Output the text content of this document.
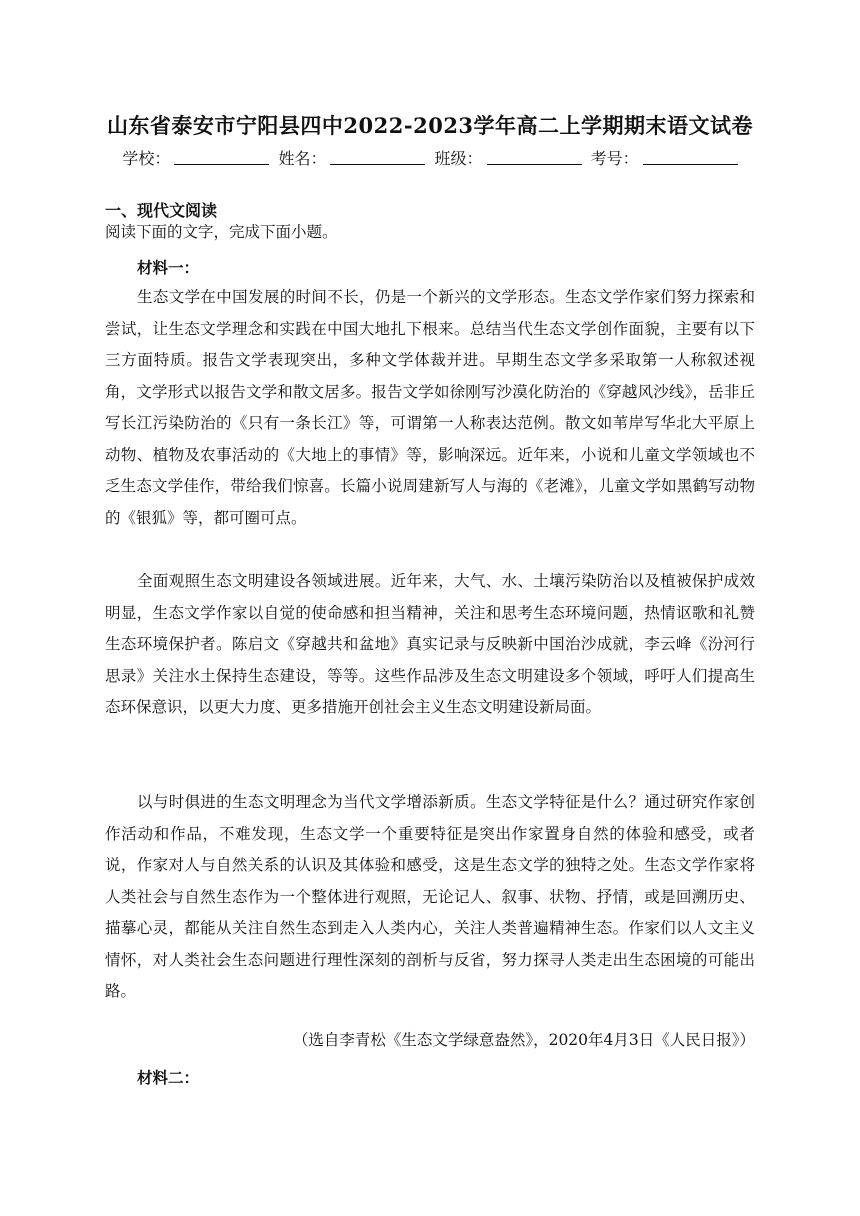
山东省泰安市宁阳县四中2022-2023学年高二上学期期末语文试卷
学校：	姓名：	班级：	考号：
一、现代文阅读
阅读下面的文字，完成下面小题。
材料一：

生态文学在中国发展的时间不长，仍是一个新兴的文学形态。生态文学作家们努力探索和尝试，让生态文学理念和实践在中国大地扎下根来。总结当代生态文学创作面貌，主要有以下三方面特质。报告文学表现突出，多种文学体裁并进。早期生态文学多采取第一人称叙述视角，文学形式以报告文学和散文居多。报告文学如徐刚写沙漠化防治的《穿越风沙线》，岳非丘写长江污染防治的《只有一条长江》等，可谓第一人称表达范例。散文如苇岸写华北大平原上动物、植物及农事活动的《大地上的事情》等，影响深远。近年来，小说和儿童文学领域也不乏生态文学佳作，带给我们惊喜。长篇小说周建新写人与海的《老滩》，儿童文学如黑鹤写动物的《银狐》等，都可圈可点。

全面观照生态文明建设各领域进展。近年来，大气、水、土壤污染防治以及植被保护成效明显，生态文学作家以自觉的使命感和担当精神，关注和思考生态环境问题，热情讴歌和礼赞生态环境保护者。陈启文《穿越共和盆地》真实记录与反映新中国治沙成就，李云峰《汾河行思录》关注水土保持生态建设，等等。这些作品涉及生态文明建设多个领域，呼吁人们提高生态环保意识，以更大力度、更多措施开创社会主义生态文明建设新局面。

以与时俱进的生态文明理念为当代文学增添新质。生态文学特征是什么？通过研究作家创作活动和作品，不难发现，生态文学一个重要特征是突出作家置身自然的体验和感受，或者说，作家对人与自然关系的认识及其体验和感受，这是生态文学的独特之处。生态文学作家将人类社会与自然生态作为一个整体进行观照，无论记人、叙事、状物、抒情，或是回溯历史、描摹心灵，都能从关注自然生态到走入人类内心，关注人类普遍精神生态。作家们以人文主义情怀，对人类社会生态问题进行理性深刻的剖析与反省，努力探寻人类走出生态困境的可能出路。

（选自李青松《生态文学绿意盎然》，2020年4月3日《人民日报》）
材料二：
